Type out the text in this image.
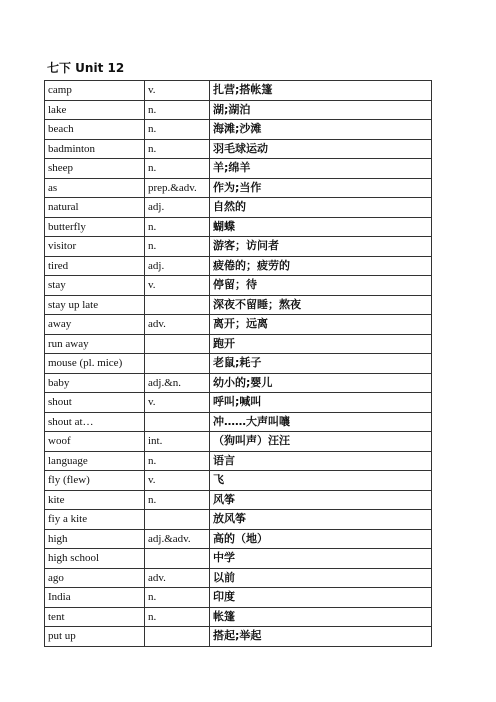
七下 Unit 12
camp	v.	扎营;搭帐篷
lake	n.	湖;湖泊
beach	n.	海滩;沙滩
badminton	n.	羽毛球运动
sheep	n.	羊;绵羊
as	prep.&adv.	作为;当作
natural	adj.	自然的
butterfly	n.	蝴蝶
visitor	n.	游客；访问者
tired	adj.	疲倦的；疲劳的
stay	v.	停留；待
stay up late		深夜不留睡；熬夜
away	adv.	离开；远离
run away		跑开
mouse (pl. mice)		老鼠;耗子
baby	adj.&n.	幼小的;婴儿
shout	v.	呼叫;喊叫
shout at…		冲……大声叫嚷
woof	int.	（狗叫声）汪汪
language	n.	语言
fly (flew)	v.	飞
kite	n.	风筝
fiy a kite		放风筝
high	adj.&adv.	高的（地）
high school		中学
ago	adv.	以前
India	n.	印度
tent	n.	帐篷
put up		搭起;举起
